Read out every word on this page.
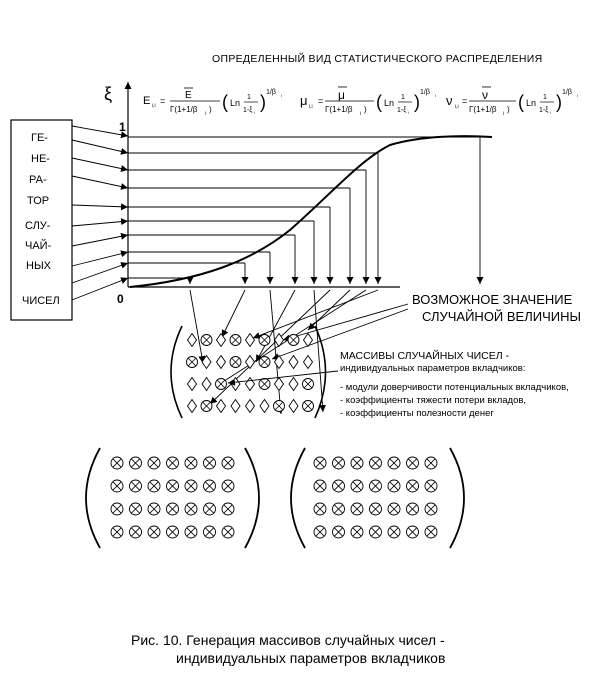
ОПРЕДЕЛЕННЫЙ ВИД СТАТИСТИЧЕСКОГО РАСПРЕДЕЛЕНИЯ
E i,i = E
Γ(1+1/β i ) ( Ln
1
1-ξ i
) 1/β i μ i,i
= μ
Γ(1+1/β i ) ( Ln
1
1-ξ i
) 1/β i ν i,i
= ν
Γ(1+1/β i ) ( Ln
1
1-ξ i
) 1/β i
ξ
1
0
ГЕ-
НЕ-
РА-
ТОР
СЛУ-
ЧАЙ-
НЫХ
ЧИСЕЛ	ВОЗМОЖНОЕ ЗНАЧЕНИЕ
СЛУЧАЙНОЙ ВЕЛИЧИНЫ
МАССИВЫ СЛУЧАЙНЫХ ЧИСЕЛ -
индивидуальных параметров вкладчиков:
- модули доверчивости потенциальных вкладчиков,
- коэффициенты тяжести потери вкладов,
- коэффициенты полезности денег
Рис. 10. Генерация массивов случайных чисел -
индивидуальных параметров вкладчиков
